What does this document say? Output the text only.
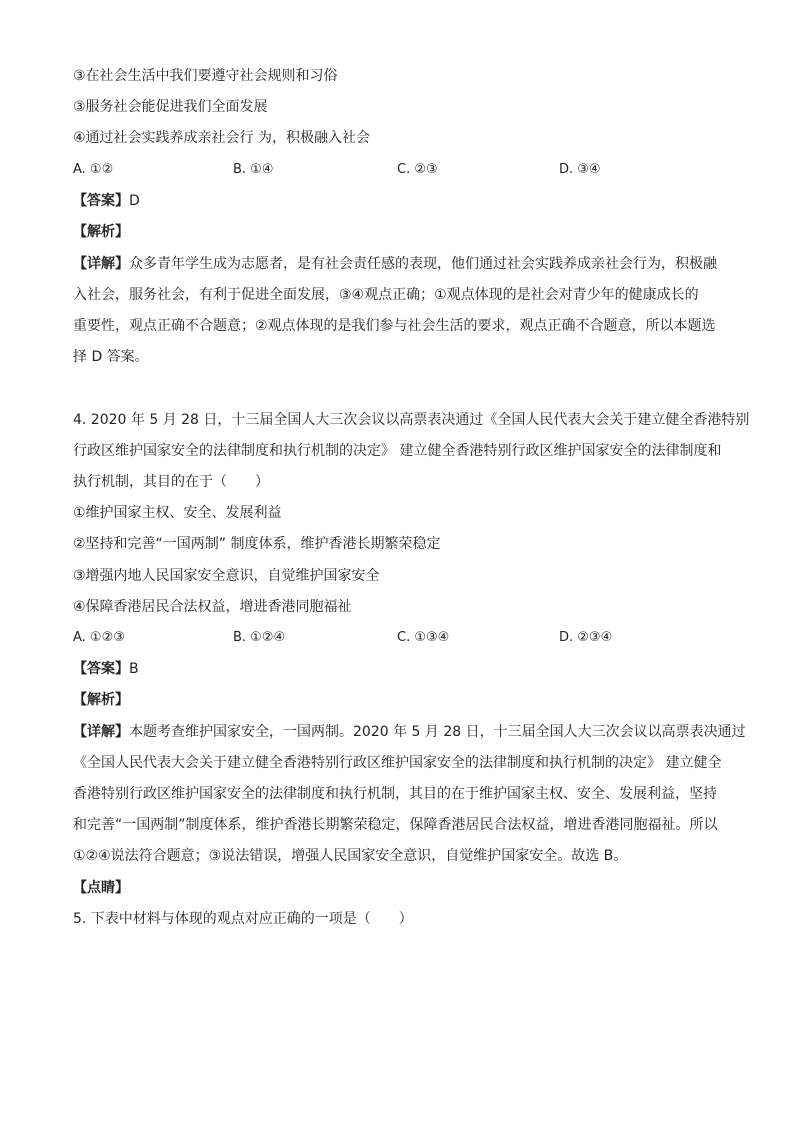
③在社会生活中我们要遵守社会规则和习俗
③服务社会能促进我们全面发展
④通过社会实践养成亲社会行 为，积极融入社会
A. ①②	B. ①④	C. ②③	D. ③④
【答案】D
【解析】
【详解】众多青年学生成为志愿者，是有社会责任感的表现，他们通过社会实践养成亲社会行为，积极融
入社会，服务社会，有利于促进全面发展，③④观点正确；①观点体现的是社会对青少年的健康成长的
重要性，观点正确不合题意；②观点体现的是我们参与社会生活的要求，观点正确不合题意，所以本题选
择 D 答案。
4. 2020 年 5 月 28 日，十三届全国人大三次会议以高票表决通过《全国人民代表大会关于建立健全香港特别
行政区维护国家安全的法律制度和执行机制的决定》 建立健全香港特别行政区维护国家安全的法律制度和
执行机制，其目的在于（　　）
①维护国家主权、安全、发展利益
②坚持和完善“一国两制” 制度体系，维护香港长期繁荣稳定
③增强内地人民国家安全意识，自觉维护国家安全
④保障香港居民合法权益，增进香港同胞福祉
A. ①②③	B. ①②④	C. ①③④	D. ②③④
【答案】B
【解析】
【详解】本题考查维护国家安全，一国两制。2020 年 5 月 28 日，十三届全国人大三次会议以高票表决通过
《全国人民代表大会关于建立健全香港特别行政区维护国家安全的法律制度和执行机制的决定》 建立健全
香港特别行政区维护国家安全的法律制度和执行机制，其目的在于维护国家主权、安全、发展利益，坚持
和完善“一国两制”制度体系，维护香港长期繁荣稳定，保障香港居民合法权益，增进香港同胞福祉。所以
①②④说法符合题意；③说法错误，增强人民国家安全意识，自觉维护国家安全。故选 B。
【点睛】
5. 下表中材料与体现的观点对应正确的一项是（　　）
